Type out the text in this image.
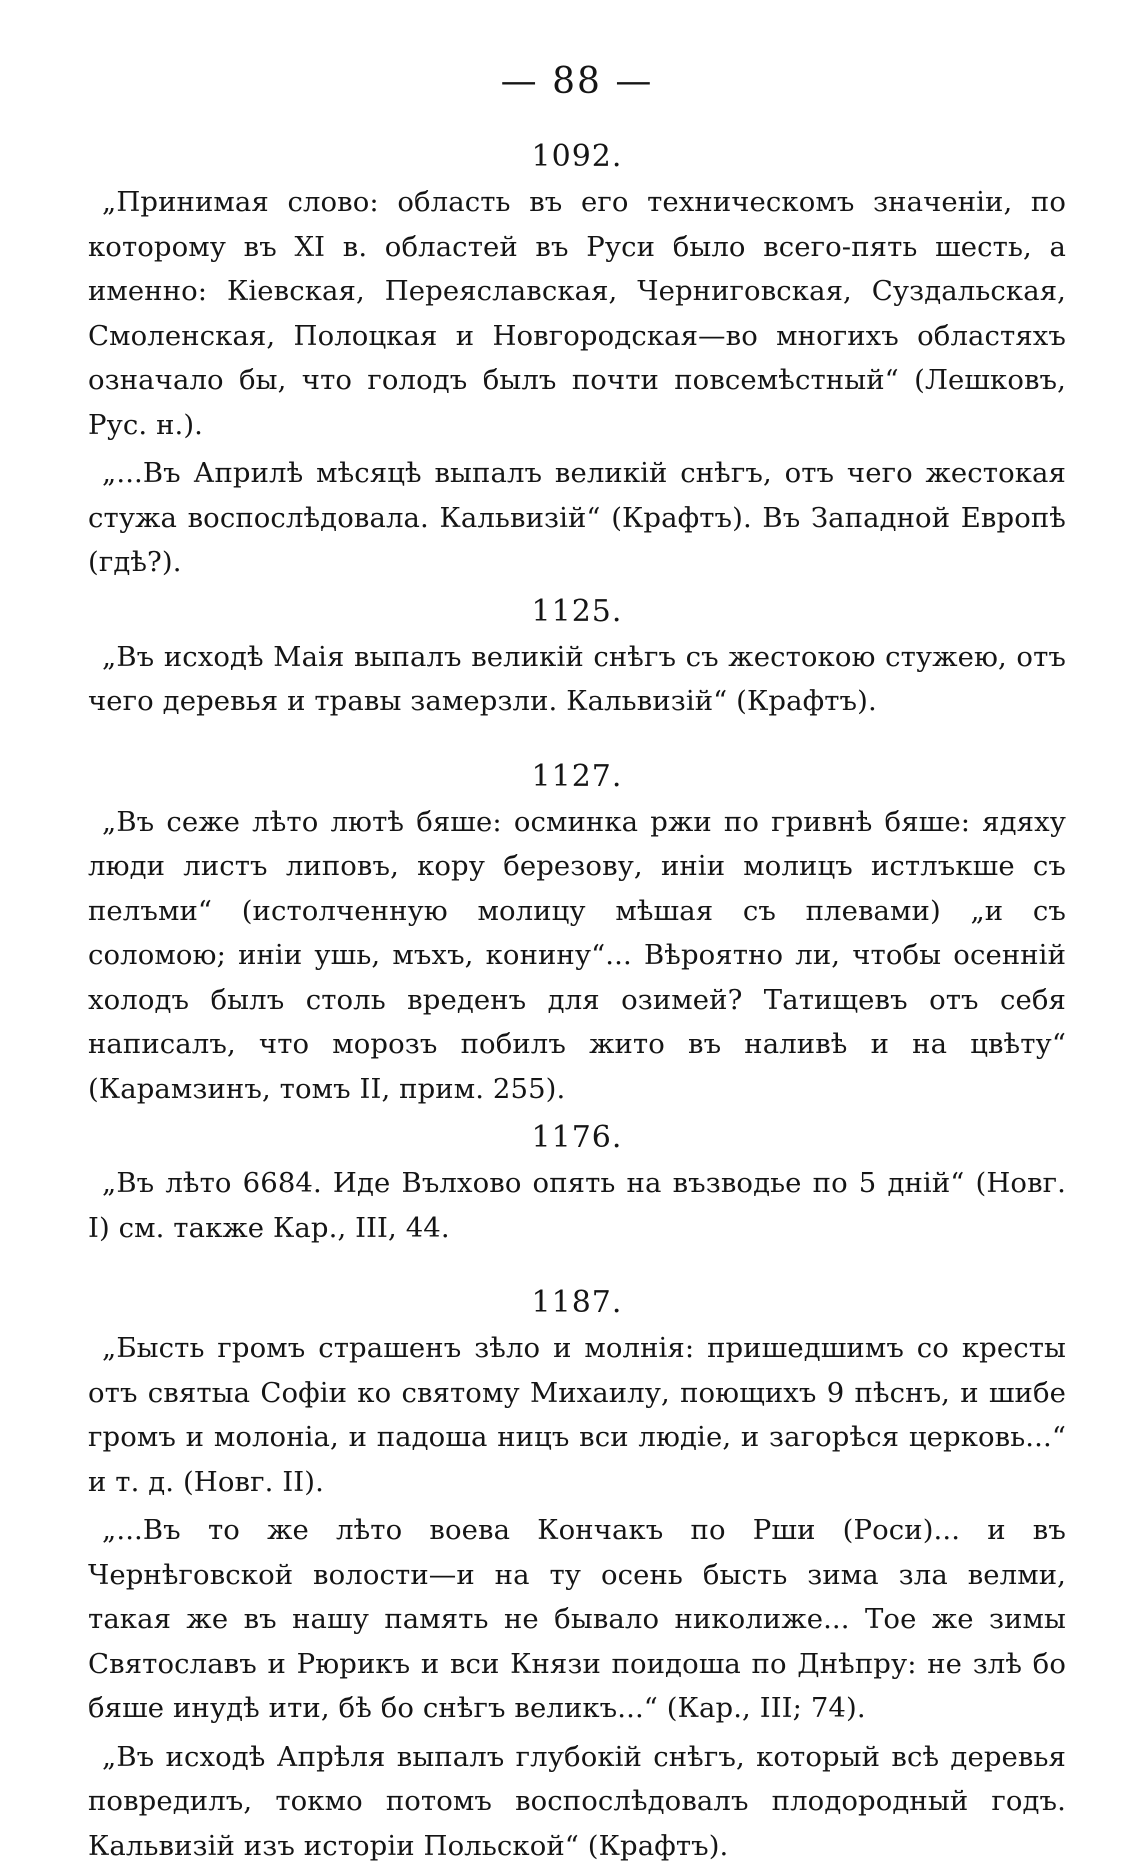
— 88 —
1092.

„Принимая слово: область въ его техническомъ значеніи, по которому въ XI в. областей въ Руси было всего-пять шесть, а именно: Кіевская, Переяславская, Черниговская, Суздальская, Смоленская, Полоцкая и Новгородская—во многихъ областяхъ означало бы, что голодъ былъ почти повсемѣстный“ (Лешковъ, Рус. н.).

„...Въ Априлѣ мѣсяцѣ выпалъ великій снѣгъ, отъ чего жестокая стужа воспослѣдовала. Кальвизій“ (Крафтъ). Въ Западной Европѣ (гдѣ?).

1125.

„Въ исходѣ Маія выпалъ великій снѣгъ съ жестокою стужею, отъ чего деревья и травы замерзли. Кальвизій“ (Крафтъ).

1127.

„Въ сеже лѣто лютѣ бяше: осминка ржи по гривнѣ бяше: ядяху люди листъ липовъ, кору березову, иніи молицъ истлъкше съ пелъми“ (истолченную молицу мѣшая съ плевами) „и съ соломою; иніи ушь, мъхъ, конину“... Вѣроятно ли, чтобы осенній холодъ былъ столь вреденъ для озимей? Татищевъ отъ себя написалъ, что морозъ побилъ жито въ наливѣ и на цвѣту“ (Карамзинъ, томъ II, прим. 255).

1176.

„Въ лѣто 6684. Иде Вълхово опять на възводье по 5 днiй“ (Новг. I) см. также Кар., III, 44.

1187.

„Бысть громъ страшенъ зѣло и молнія: пришедшимъ со кресты отъ святыа Софіи ко святому Михаилу, поющихъ 9 пѣснъ, и шибе громъ и молоніа, и падоша ницъ вси людіе, и загорѣся церковь...“ и т. д. (Новг. II).

„...Въ то же лѣто воева Кончакъ по Рши (Роси)... и въ Чернѣговской волости—и на ту осень бысть зима зла велми, такая же въ нашу память не бывало николиже... Тое же зимы Святославъ и Рюрикъ и вси Князи поидоша по Днѣпру: не злѣ бо бяше инудѣ ити, бѣ бо снѣгъ великъ...“ (Кар., III; 74).

„Въ исходѣ Апрѣля выпалъ глубокій снѣгъ, который всѣ деревья повредилъ, токмо потомъ воспослѣдовалъ плодородный годъ. Кальвизій изъ исторіи Польской“ (Крафтъ).
